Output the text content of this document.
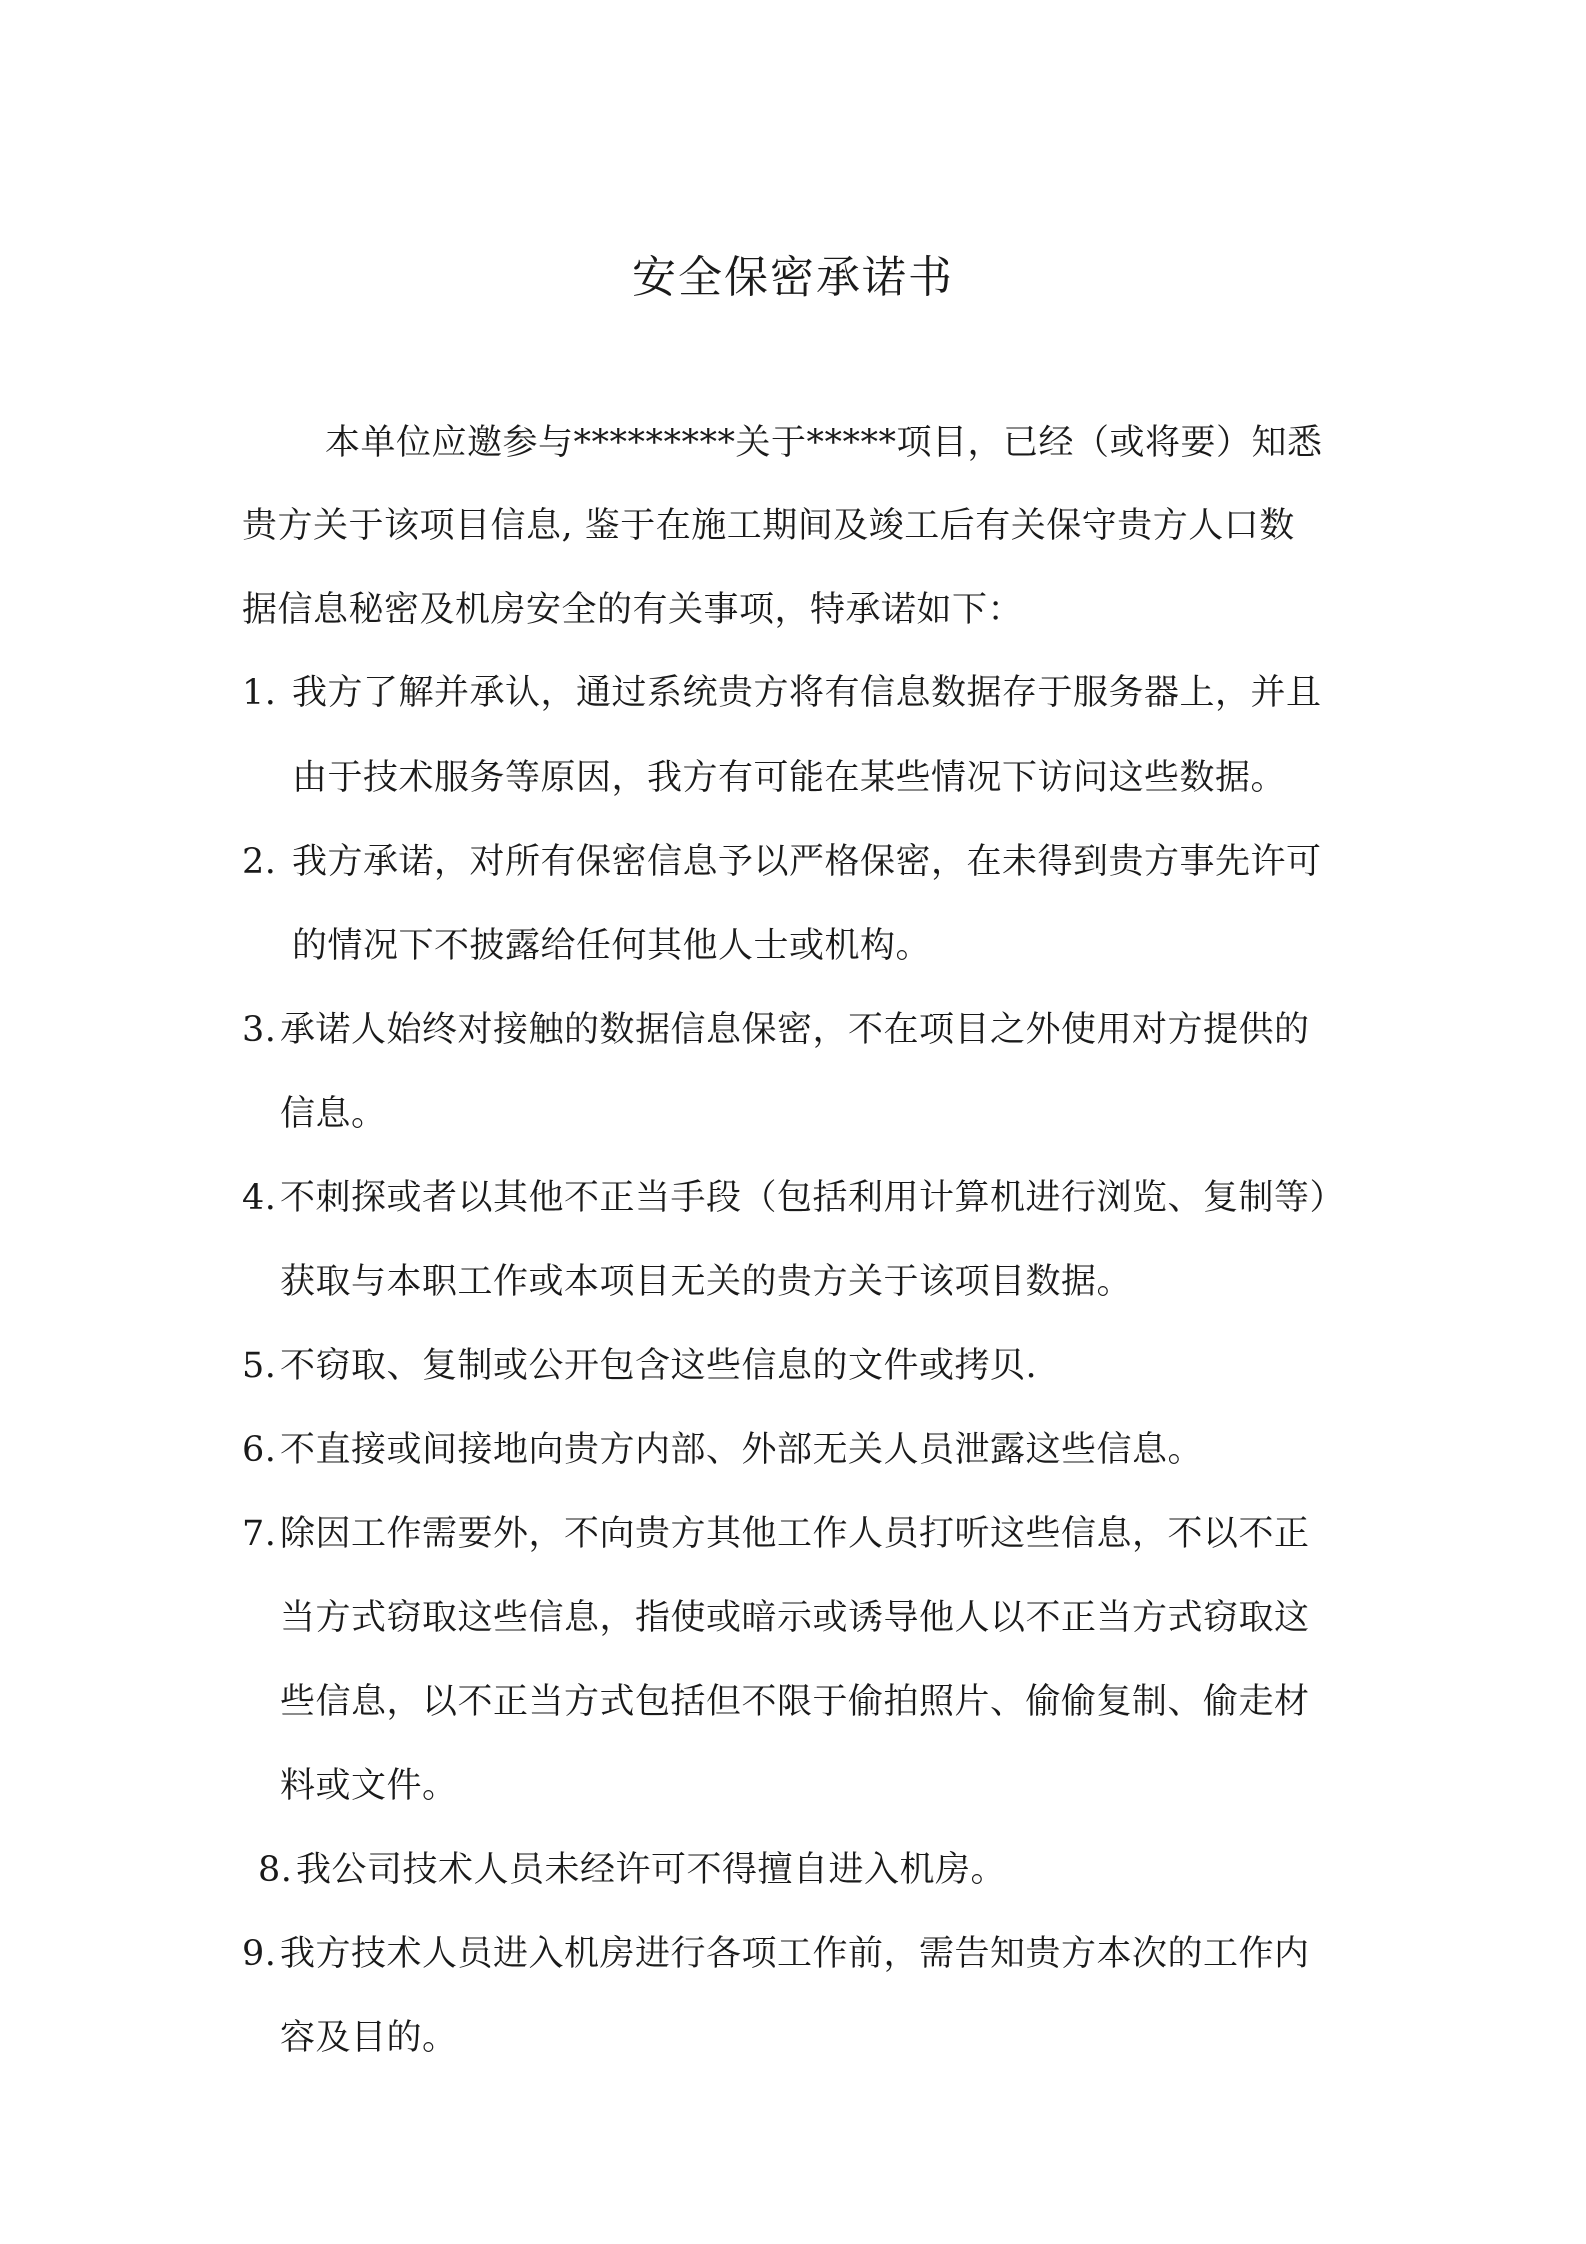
安全保密承诺书
本单位应邀参与*********关于*****项目，已经（或将要）知悉
贵方关于该项目信息, 鉴于在施工期间及竣工后有关保守贵方人口数
据信息秘密及机房安全的有关事项，特承诺如下：
1. 我方了解并承认，通过系统贵方将有信息数据存于服务器上，并且
由于技术服务等原因，我方有可能在某些情况下访问这些数据。
2. 我方承诺，对所有保密信息予以严格保密，在未得到贵方事先许可
的情况下不披露给任何其他人士或机构。
3. 承诺人始终对接触的数据信息保密，不在项目之外使用对方提供的
信息。
4. 不刺探或者以其他不正当手段（包括利用计算机进行浏览、复制等）
获取与本职工作或本项目无关的贵方关于该项目数据。
5. 不窃取、复制或公开包含这些信息的文件或拷贝.
6. 不直接或间接地向贵方内部、外部无关人员泄露这些信息。
7. 除因工作需要外，不向贵方其他工作人员打听这些信息，不以不正
当方式窃取这些信息，指使或暗示或诱导他人以不正当方式窃取这
些信息，以不正当方式包括但不限于偷拍照片、偷偷复制、偷走材
料或文件。
8. 我公司技术人员未经许可不得擅自进入机房。
9. 我方技术人员进入机房进行各项工作前，需告知贵方本次的工作内
容及目的。
